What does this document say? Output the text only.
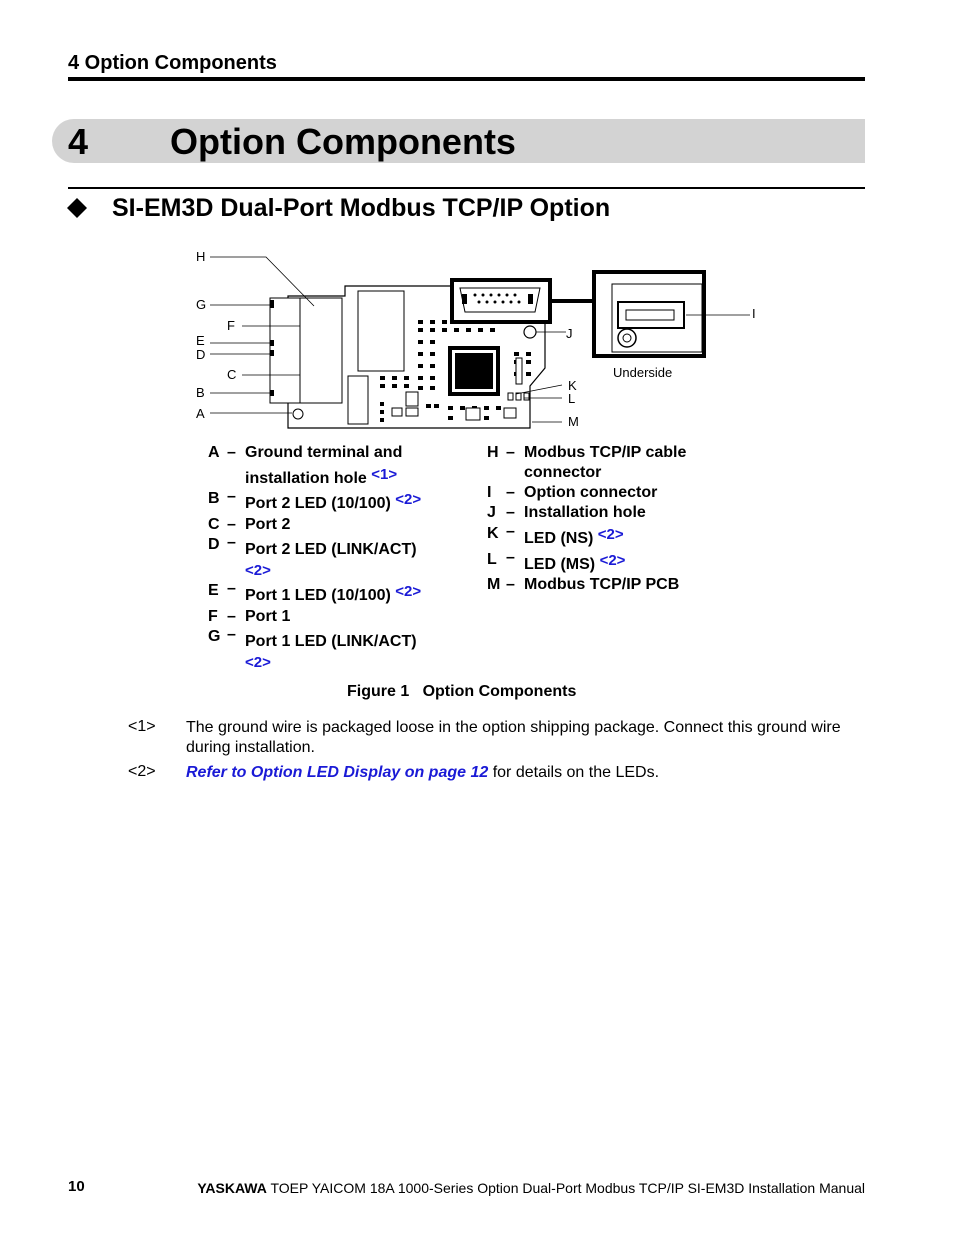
4 Option Components
4 Option Components
SI-EM3D Dual-Port Modbus TCP/IP Option
H
G
F
E
D
C
B
A
J
K
L
M
I
Underside
A – Ground terminal and
installation hole <1>
B – Port 2 LED (10/100) <2>
C – Port 2
D – Port 2 LED (LINK/ACT)
<2>
E – Port 1 LED (10/100) <2>
F – Port 1
G – Port 1 LED (LINK/ACT)
<2>
H – Modbus TCP/IP cable
connector
I – Option connector
J – Installation hole
K – LED (NS) <2>
L – LED (MS) <2>
M – Modbus TCP/IP PCB
Figure 1 Option Components
<1> The ground wire is packaged loose in the option shipping package. Connect this ground wire during installation.
<2> Refer to Option LED Display on page 12 for details on the LEDs.
10	YASKAWA TOEP YAICOM 18A 1000-Series Option Dual-Port Modbus TCP/IP SI-EM3D Installation Manual
